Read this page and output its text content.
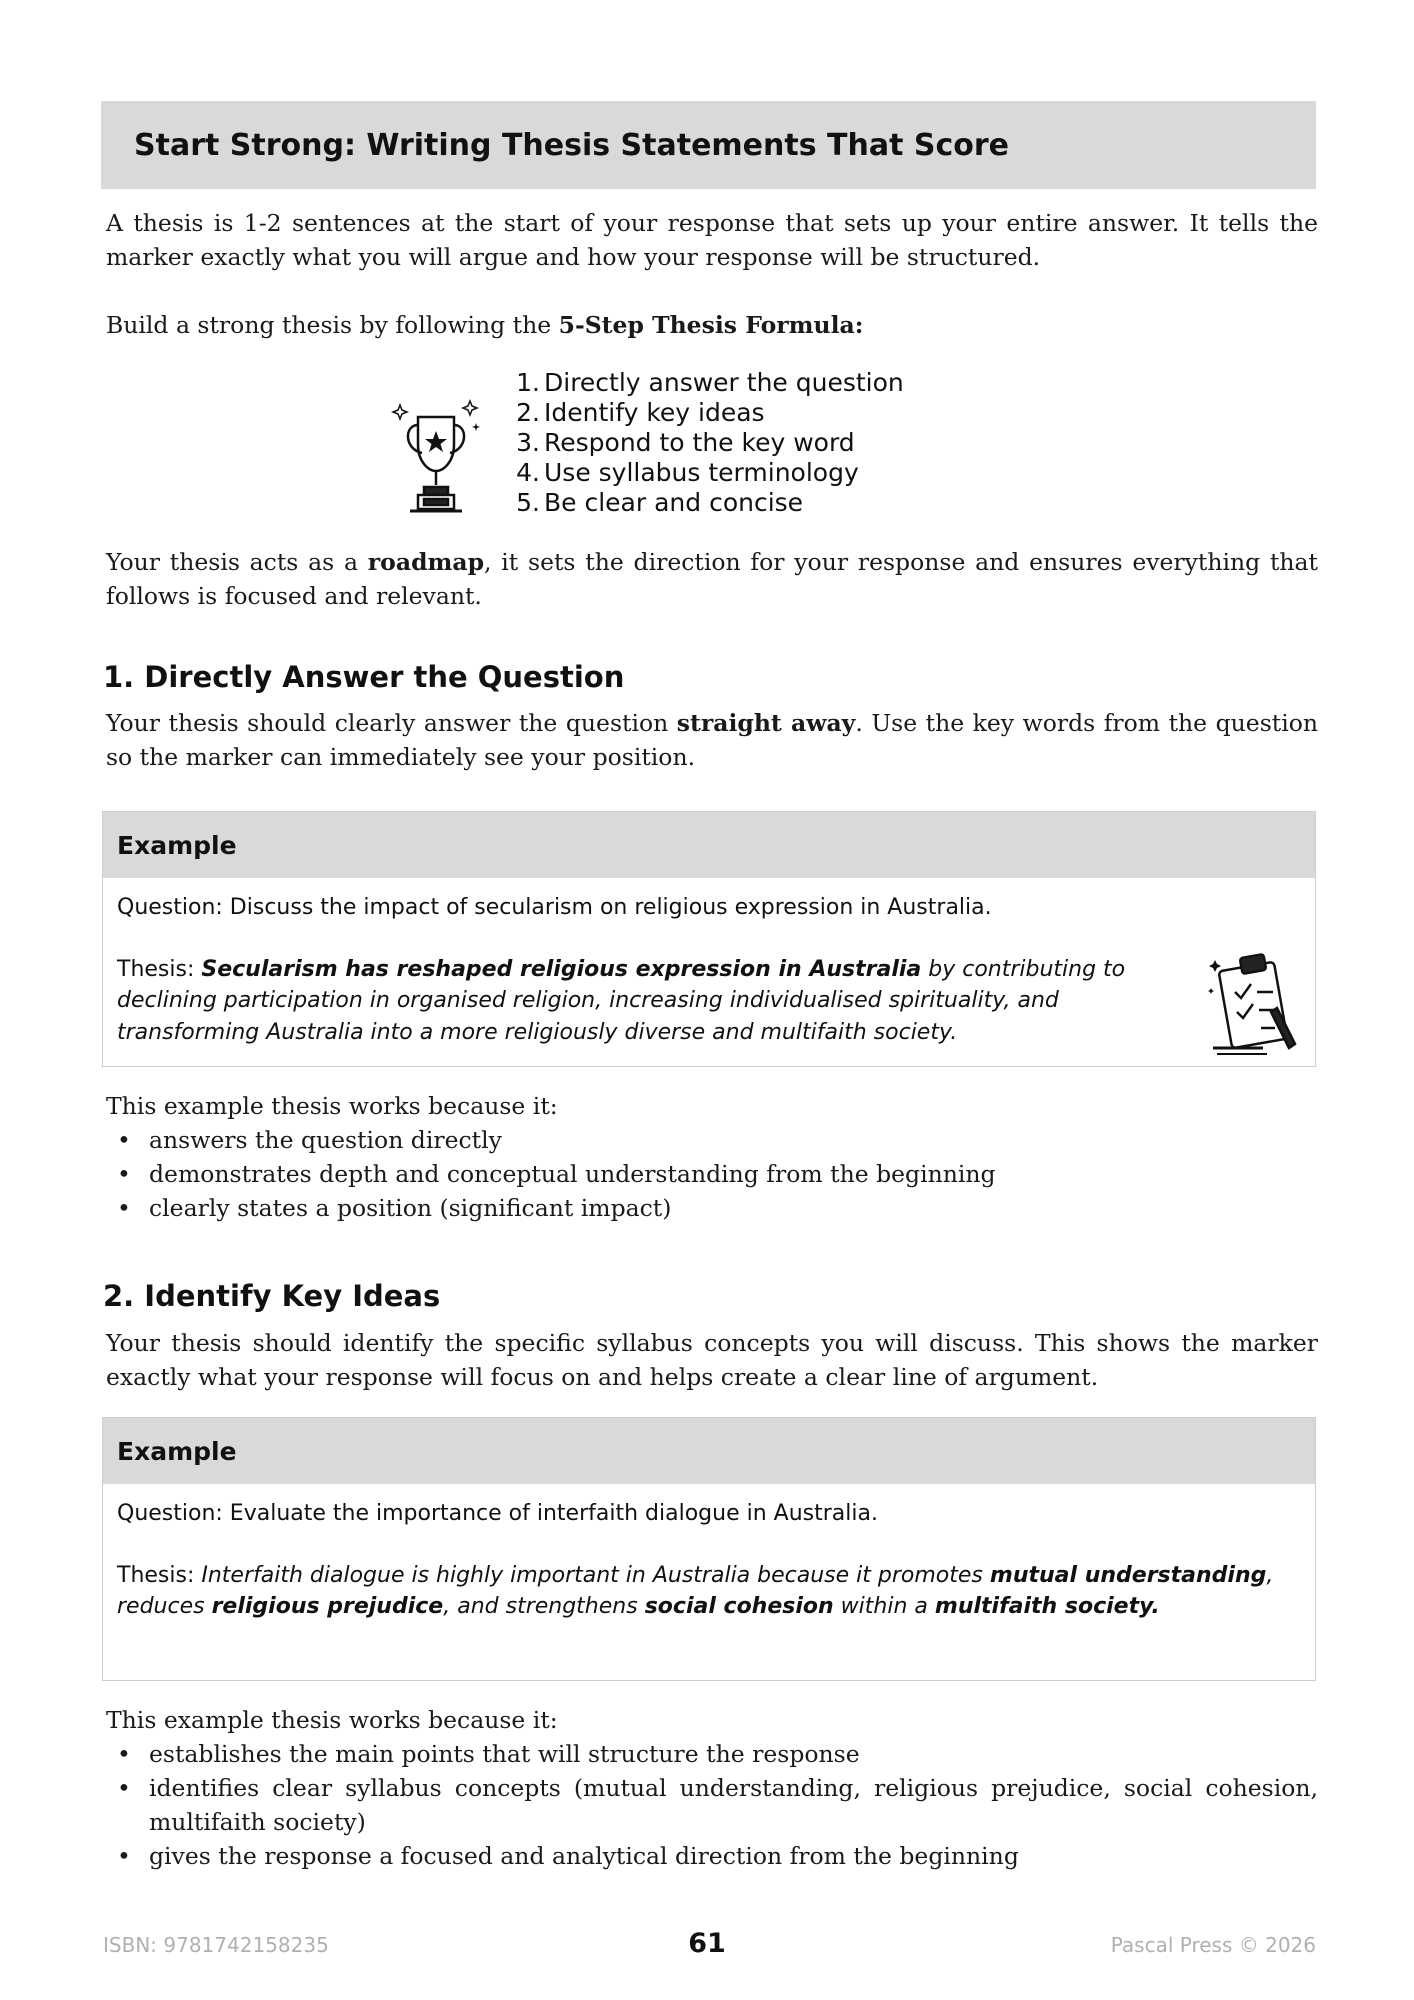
Start Strong: Writing Thesis Statements That Score

A thesis is 1-2 sentences at the start of your response that sets up your entire answer. It tells the marker exactly what you will argue and how your response will be structured.

Build a strong thesis by following the 5-Step Thesis Formula:

1. Directly answer the question
2. Identify key ideas
3. Respond to the key word
4. Use syllabus terminology
5. Be clear and concise

Your thesis acts as a roadmap, it sets the direction for your response and ensures everything that follows is focused and relevant.

1. Directly Answer the Question

Your thesis should clearly answer the question straight away. Use the key words from the question so the marker can immediately see your position.

Example

Question: Discuss the impact of secularism on religious expression in Australia.

Thesis: Secularism has reshaped religious expression in Australia by contributing to declining participation in organised religion, increasing individualised spirituality, and transforming Australia into a more religiously diverse and multifaith society.

This example thesis works because it:

• answers the question directly
• demonstrates depth and conceptual understanding from the beginning
• clearly states a position (significant impact)
2. Identify Key Ideas

Your thesis should identify the specific syllabus concepts you will discuss. This shows the marker exactly what your response will focus on and helps create a clear line of argument.

Example

Question: Evaluate the importance of interfaith dialogue in Australia.

Thesis: Interfaith dialogue is highly important in Australia because it promotes mutual understanding, reduces religious prejudice, and strengthens social cohesion within a multifaith society.

This example thesis works because it:

• establishes the main points that will structure the response
• identifies clear syllabus concepts (mutual understanding, religious prejudice, social cohesion, multifaith society)
• gives the response a focused and analytical direction from the beginning

ISBN: 9781742158235	61	Pascal Press © 2026
